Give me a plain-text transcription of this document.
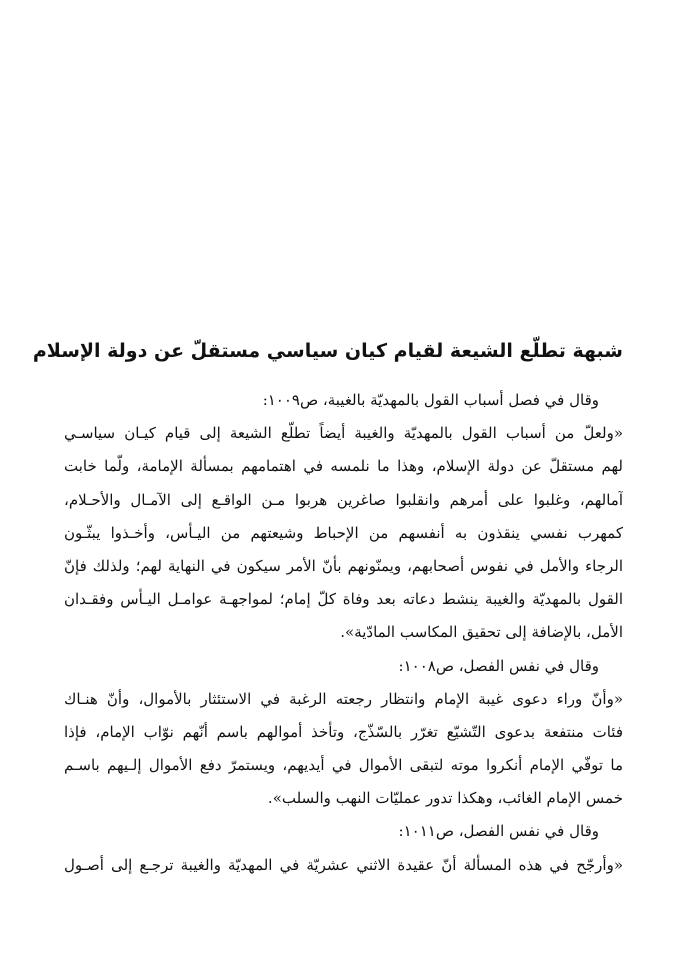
شبهة تطلّع الشيعة لقيام كيان سياسي مستقلّ عن دولة الإسلام
وقال في فصل أسباب القول بالمهديّة بالغيبة، ص١٠٠٩:
«ولعلّ من أسباب القول بالمهديّة والغيبة أيضاً تطلّع الشيعة إلى قيام كيـان سياسـي
لهم مستقلّ عن دولة الإسلام، وهذا ما نلمسه في اهتمامهم بمسألة الإمامة، ولّما خابت
آمالهم، وغلبوا على أمرهم وانقلبوا صاغرين هربوا مـن الواقـع إلى الآمـال والأحـلام،
كمهرب نفسي ينقذون به أنفسهم من الإحباط وشيعتهم من اليـأس، وأخـذوا يبثّـون
الرجاء والأمل في نفوس أصحابهم، ويمنّونهم بأنّ الأمر سيكون في النهاية لهم؛ ولذلك فإنّ
القول بالمهديّة والغيبة ينشط دعاته بعد وفاة كلّ إمام؛ لمواجهـة عوامـل اليـأس وفقـدان
الأمل، بالإضافة إلى تحقيق المكاسب المادّية».
وقال في نفس الفصل، ص١٠٠٨:
«وأنّ وراء دعوى غيبة الإمام وانتظار رجعته الرغبة في الاستئثار بالأموال، وأنّ هنـاك
فئات منتفعة بدعوى التّشيّع تغرّر بالسّذّج، وتأخذ أموالهم باسم أنّهم نوّاب الإمام، فإذا
ما توفّي الإمام أنكروا موته لتبقى الأموال في أيديهم، ويستمرّ دفع الأموال إلـيهم باسـم
خمس الإمام الغائب، وهكذا تدور عمليّات النهب والسلب».
وقال في نفس الفصل، ص١٠١١:
«وأرجّح في هذه المسألة أنّ عقيدة الاثني عشريّة في المهديّة والغيبة ترجـع إلى أصـول
